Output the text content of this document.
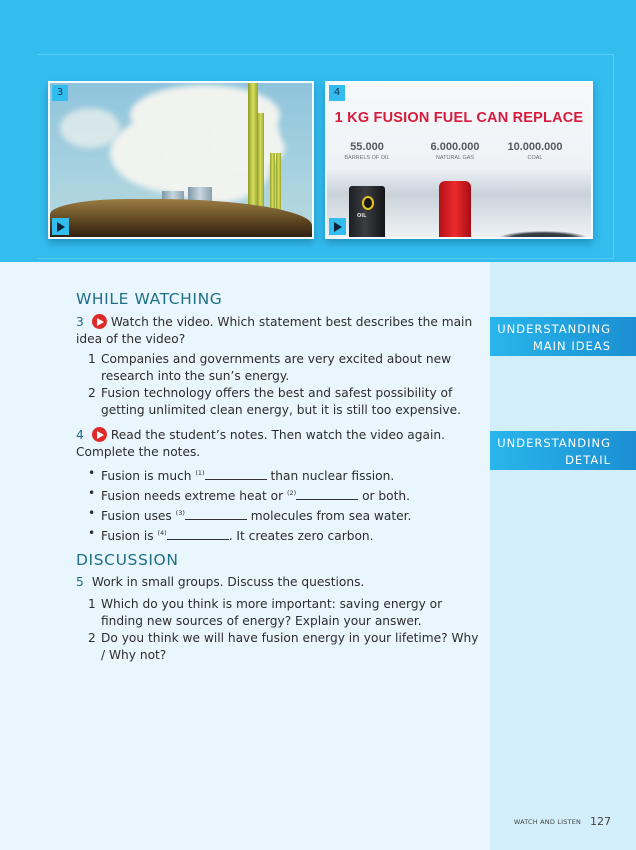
3	4
1 KG FUSION FUEL CAN REPLACE
55.000
BARRELS OF OIL
6.000.000
NATURAL GAS
10.000.000
COAL
OIL
UNDERSTANDING
MAIN IDEAS
UNDERSTANDING
DETAIL
WHILE WATCHING
3 Watch the video. Which statement best describes the main idea of the video?
1 Companies and governments are very excited about new research into the sun’s energy.
2 Fusion technology offers the best and safest possibility of getting unlimited clean energy, but it is still too expensive.
4 Read the student’s notes. Then watch the video again. Complete the notes.
• Fusion is much $^{(1)}$	than nuclear fission.
• Fusion needs extreme heat or $^{(2)}$	or both.
• Fusion uses $^{(3)}$	molecules from sea water.
• Fusion is $^{(4)}$	. It creates zero carbon.
DISCUSSION
5 Work in small groups. Discuss the questions.
1 Which do you think is more important: saving energy or finding new sources of energy? Explain your answer.
2 Do you think we will have fusion energy in your lifetime? Why / Why not?
WATCH AND LISTEN 127
